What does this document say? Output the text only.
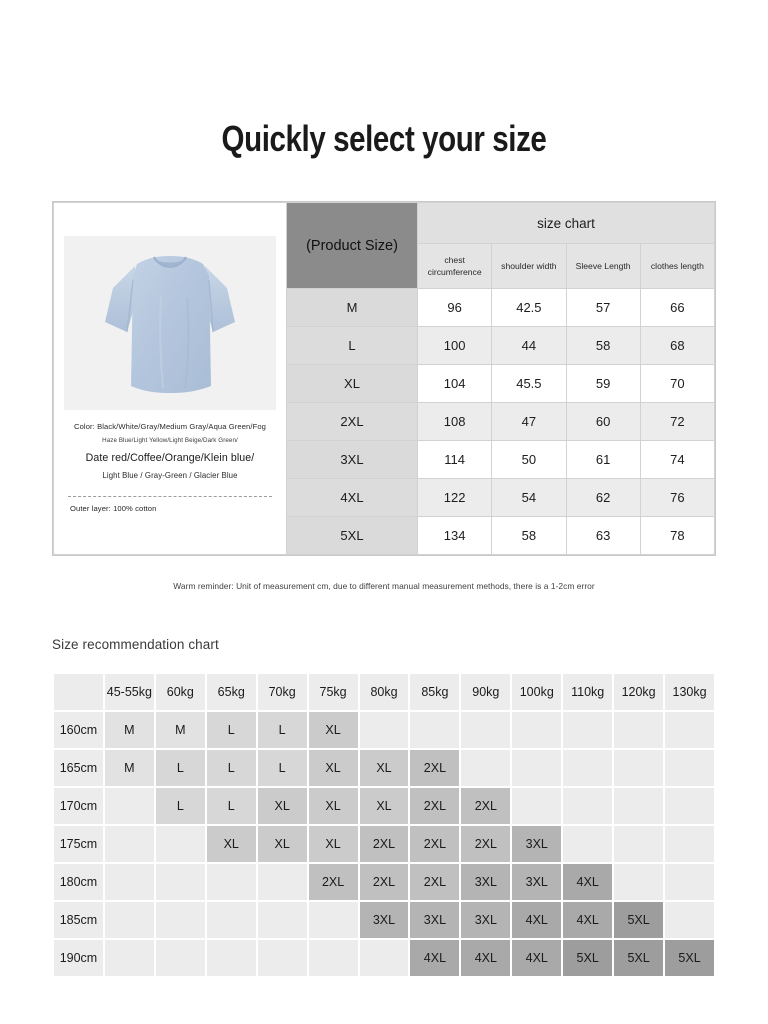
Quickly select your size
Color: Black/White/Gray/Medium Gray/Aqua Green/Fog
Haze Blue/Light Yellow/Light Beige/Dark Green/
Date red/Coffee/Orange/Klein blue/
Light Blue / Gray-Green / Glacier Blue
Outer layer: 100% cotton	(Product Size)	size chart			
		chest circumference	shoulder width	Sleeve Length	clothes length
	M	96	42.5	57	66
	L	100	44	58	68
	XL	104	45.5	59	70
	2XL	108	47	60	72
	3XL	114	50	61	74
	4XL	122	54	62	76
	5XL	134	58	63	78
Warm reminder: Unit of measurement cm, due to different manual measurement methods, there is a 1-2cm error
Size recommendation chart
	45-55kg	60kg	65kg	70kg	75kg	80kg	85kg	90kg	100kg	110kg	120kg	130kg
160cm	M	M	L	L	XL							
165cm	M	L	L	L	XL	XL	2XL					
170cm		L	L	XL	XL	XL	2XL	2XL				
175cm			XL	XL	XL	2XL	2XL	2XL	3XL			
180cm					2XL	2XL	2XL	3XL	3XL	4XL		
185cm						3XL	3XL	3XL	4XL	4XL	5XL	
190cm							4XL	4XL	4XL	5XL	5XL	5XL
